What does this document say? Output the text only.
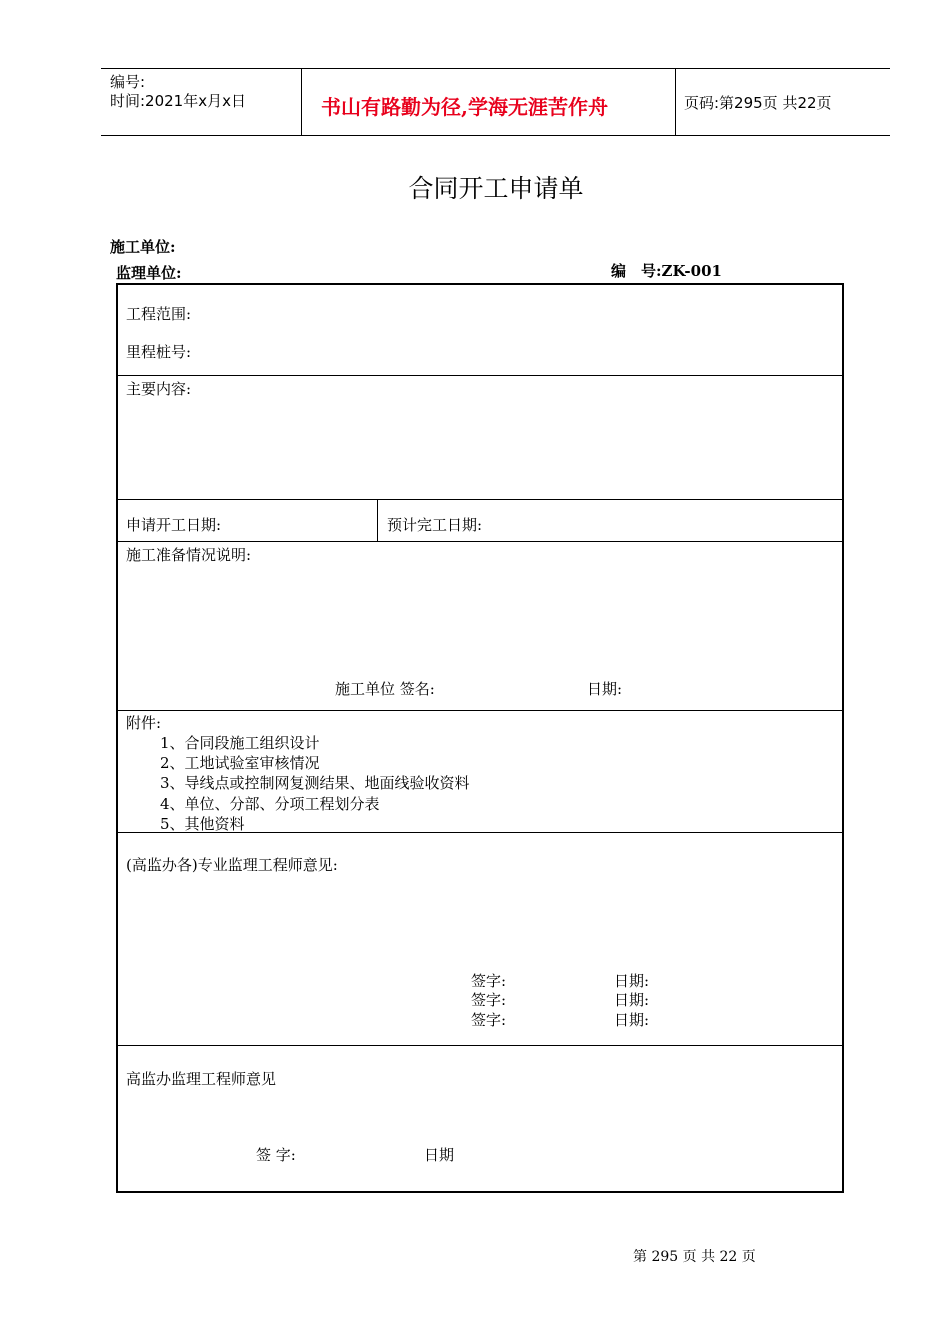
编号:
时间:2021年x月x日	书山有路勤为径,学海无涯苦作舟	页码:第295页 共22页
合同开工申请单
施工单位:
监理单位:	编　号:ZK-001
工程范围:
里程桩号:
主要内容:
申请开工日期:	预计完工日期:
施工准备情况说明:
施工单位 签名:	日期:
附件:
1、合同段施工组织设计
2、工地试验室审核情况
3、导线点或控制网复测结果、地面线验收资料
4、单位、分部、分项工程划分表
5、其他资料
(高监办各)专业监理工程师意见:
签字:	日期:
签字:	日期:
签字:	日期:
高监办监理工程师意见
签 字:	日期
第 295 页 共 22 页
